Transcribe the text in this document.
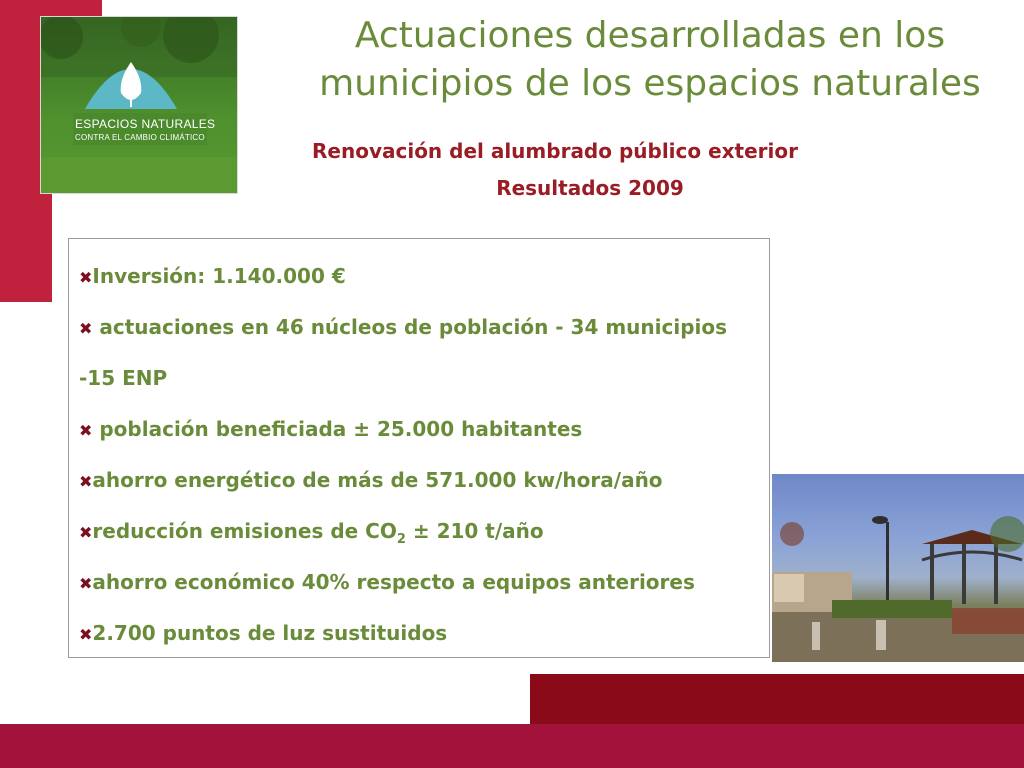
ESPACIOS NATURALES
CONTRA EL CAMBIO CLIMÁTICO
Actuaciones desarrolladas en los
municipios de los espacios naturales
Renovación del alumbrado público exterior
Resultados 2009
✖Inversión: 1.140.000 €
✖ actuaciones en 46 núcleos de población - 34 municipios
-15 ENP
✖ población beneficiada ± 25.000 habitantes
✖ahorro energético de más de 571.000 kw/hora/año
✖reducción emisiones de $CO_2 \pm 210$ t/año
✖ahorro económico 40% respecto a equipos anteriores
✖2.700 puntos de luz sustituidos
